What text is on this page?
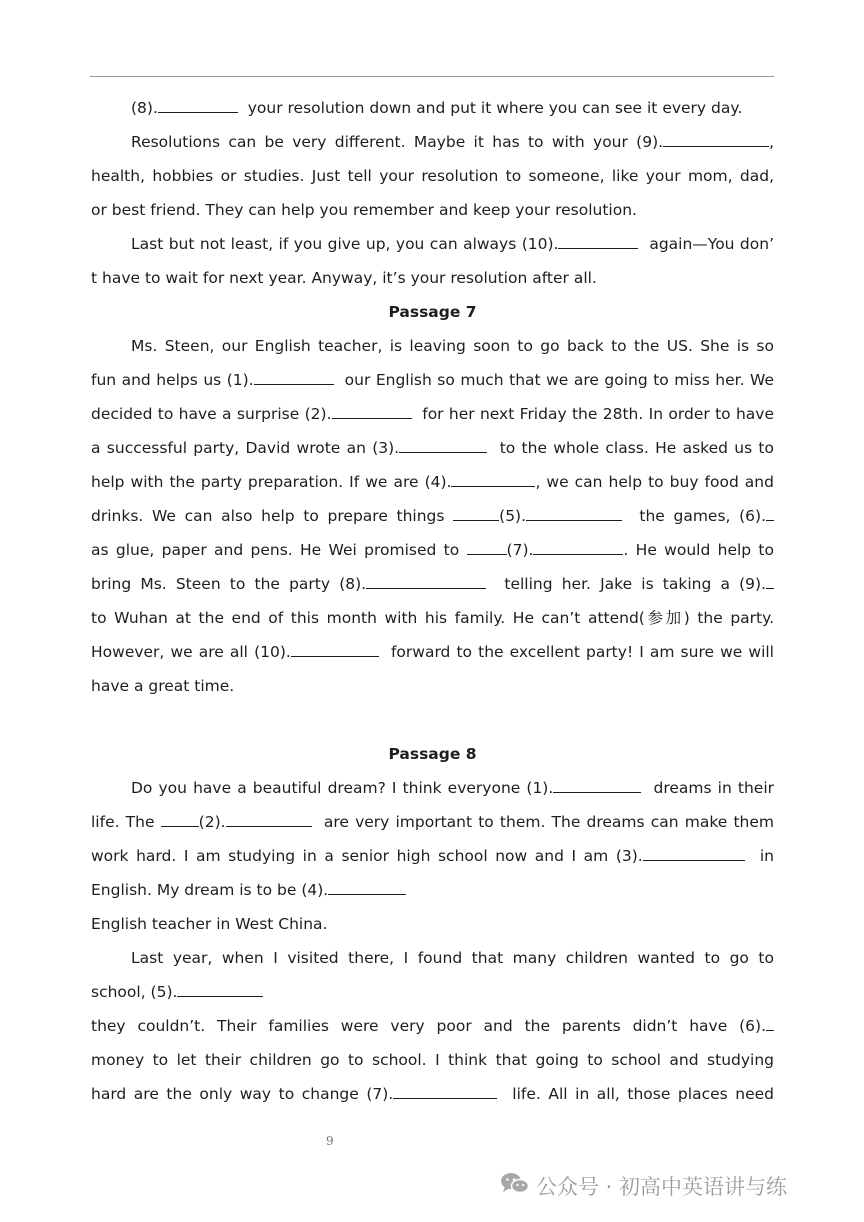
(8).	your resolution down and put it where you can see it every day.
Resolutions can be very different. Maybe it has to with your (9).	,
health, hobbies or studies. Just tell your resolution to someone, like your mom, dad,
or best friend. They can help you remember and keep your resolution.
Last but not least, if you give up, you can always (10).	again—You don’
t have to wait for next year. Anyway, it’s your resolution after all.
Passage 7
Ms. Steen, our English teacher, is leaving soon to go back to the US. She is so
fun and helps us (1).	our English so much that we are going to miss her. We
decided to have a surprise (2).	for her next Friday the 28th. In order to have
a successful party, David wrote an (3).	to the whole class. He asked us to
help with the party preparation. If we are (4).	, we can help to buy food and
drinks. We can also help to prepare things	(5).	the games, (6).
as glue, paper and pens. He Wei promised to	(7).	. He would help to
bring Ms. Steen to the party (8).	telling her. Jake is taking a (9).
to Wuhan at the end of this month with his family. He can’t attend(参加) the party.
However, we are all (10).	forward to the excellent party! I am sure we will
have a great time.
Passage 8
Do you have a beautiful dream? I think everyone (1).	dreams in their
life. The	(2).	are very important to them. The dreams can make them
work hard. I am studying in a senior high school now and I am (3).	in
English. My dream is to be (4).
English teacher in West China.
Last year, when I visited there, I found that many children wanted to go to
school, (5).
they couldn’t. Their families were very poor and the parents didn’t have (6).
money to let their children go to school. I think that going to school and studying
hard are the only way to change (7).	life. All in all, those places need
9
公众号 · 初高中英语讲与练
